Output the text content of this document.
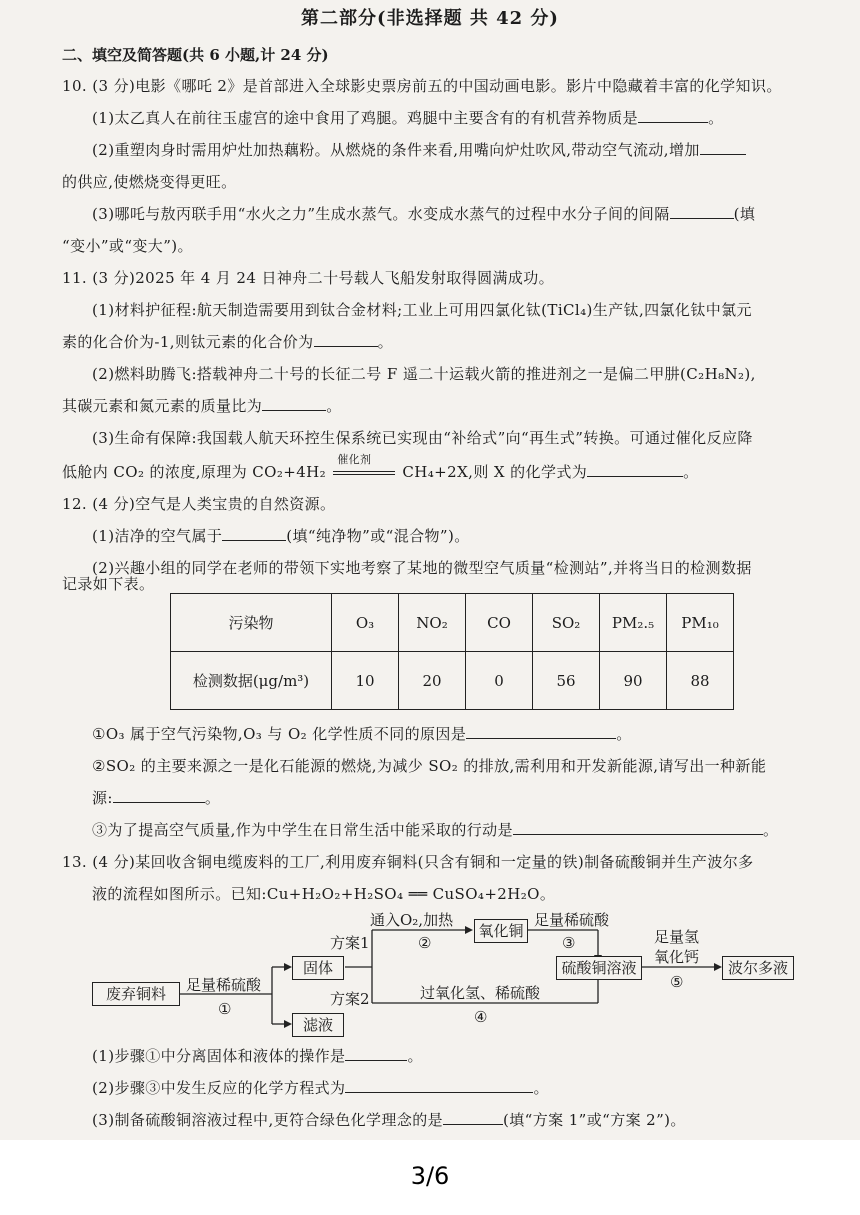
第二部分(非选择题 共 42 分)
二、填空及简答题(共 6 小题,计 24 分)
10. (3 分)电影《哪吒 2》是首部进入全球影史票房前五的中国动画电影。影片中隐藏着丰富的化学知识。
(1)太乙真人在前往玉虚宫的途中食用了鸡腿。鸡腿中主要含有的有机营养物质是	。
(2)重塑肉身时需用炉灶加热藕粉。从燃烧的条件来看,用嘴向炉灶吹风,带动空气流动,增加
的供应,使燃烧变得更旺。
(3)哪吒与敖丙联手用“水火之力”生成水蒸气。水变成水蒸气的过程中水分子间的间隔	(填
“变小”或“变大”)。
11. (3 分)2025 年 4 月 24 日神舟二十号载人飞船发射取得圆满成功。
(1)材料护征程:航天制造需要用到钛合金材料;工业上可用四氯化钛(TiCl₄)生产钛,四氯化钛中氯元
素的化合价为-1,则钛元素的化合价为	。
(2)燃料助腾飞:搭载神舟二十号的长征二号 F 遥二十运载火箭的推进剂之一是偏二甲肼(C₂H₈N₂),
其碳元素和氮元素的质量比为	。
(3)生命有保障:我国载人航天环控生保系统已实现由“补给式”向“再生式”转换。可通过催化反应降
低舱内 CO₂ 的浓度,原理为 CO₂+4H₂
催化剂
CH₄+2X,则 X 的化学式为	。
12. (4 分)空气是人类宝贵的自然资源。
(1)洁净的空气属于	(填“纯净物”或“混合物”)。
(2)兴趣小组的同学在老师的带领下实地考察了某地的微型空气质量“检测站”,并将当日的检测数据
污染物	O₃	NO₂	CO	SO₂	PM₂.₅	PM₁₀
检测数据(μg/m³)	10	20	0	56	90	88
记录如下表。
①O₃ 属于空气污染物,O₃ 与 O₂ 化学性质不同的原因是	。
②SO₂ 的主要来源之一是化石能源的燃烧,为减少 SO₂ 的排放,需利用和开发新能源,请写出一种新能
源:	。
③为了提高空气质量,作为中学生在日常生活中能采取的行动是	。
13. (4 分)某回收含铜电缆废料的工厂,利用废弃铜料(只含有铜和一定量的铁)制备硫酸铜并生产波尔多
液的流程如图所示。已知:Cu+H₂O₂+H₂SO₄ ══ CuSO₄+2H₂O。
废弃铜料	足量稀硫酸
①
固体
滤液
方案1
方案2
通入O₂,加热
②
氧化铜
足量稀硫酸
③
过氧化氢、稀硫酸
④
硫酸铜溶液
足量氢
氧化钙
⑤
波尔多液
(1)步骤①中分离固体和液体的操作是	。
(2)步骤③中发生反应的化学方程式为	。
(3)制备硫酸铜溶液过程中,更符合绿色化学理念的是	(填“方案 1”或“方案 2”)。
3/6
